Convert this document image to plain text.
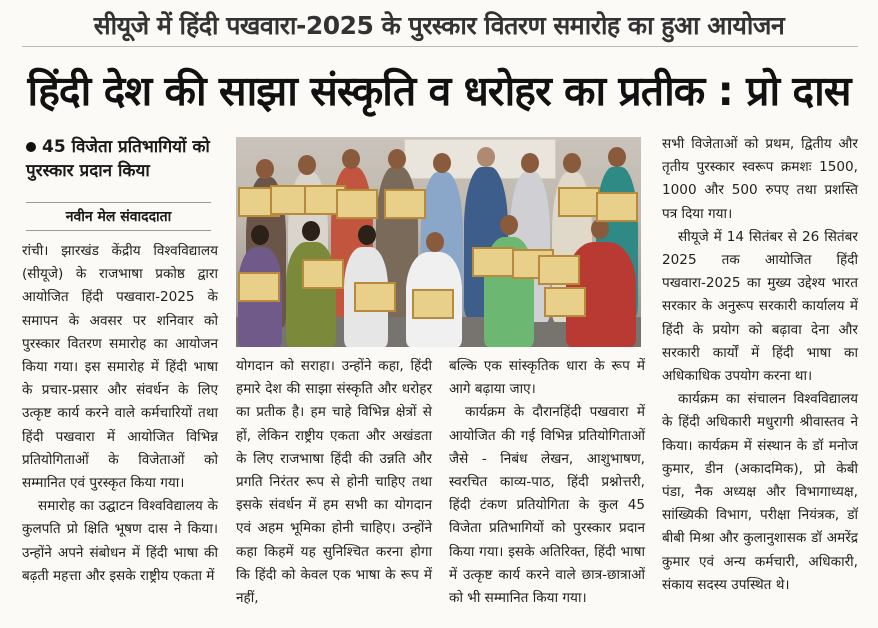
सीयूजे में हिंदी पखवारा-2025 के पुरस्कार वितरण समारोह का हुआ आयोजन
हिंदी देश की साझा संस्कृति व धरोहर का प्रतीक : प्रो दास
45 विजेता प्रतिभागियों को पुरस्कार प्रदान किया
नवीन मेल संवाददाता

रांची। झारखंड केंद्रीय विश्वविद्यालय (सीयूजे) के राजभाषा प्रकोष्ठ द्वारा आयोजित हिंदी पखवारा-2025 के समापन के अवसर पर शनिवार को पुरस्कार वितरण समारोह का आयोजन किया गया। इस समारोह में हिंदी भाषा के प्रचार-प्रसार और संवर्धन के लिए उत्कृष्ट कार्य करने वाले कर्मचारियों तथा हिंदी पखवारा में आयोजित विभिन्न प्रतियोगिताओं के विजेताओं को सम्मानित एवं पुरस्कृत किया गया।

समारोह का उद्घाटन विश्वविद्यालय के कुलपति प्रो क्षिति भूषण दास ने किया। उन्होंने अपने संबोधन में हिंदी भाषा की बढ़ती महत्ता और इसके राष्ट्रीय एकता में

योगदान को सराहा। उन्होंने कहा, हिंदी हमारे देश की साझा संस्कृति और धरोहर का प्रतीक है। हम चाहे विभिन्न क्षेत्रों से हों, लेकिन राष्ट्रीय एकता और अखंडता के लिए राजभाषा हिंदी की उन्नति और प्रगति निरंतर रूप से होनी चाहिए तथा इसके संवर्धन में हम सभी का योगदान एवं अहम भूमिका होनी चाहिए। उन्होंने कहा किहमें यह सुनिश्चित करना होगा कि हिंदी को केवल एक भाषा के रूप में नहीं,

बल्कि एक सांस्कृतिक धारा के रूप में आगे बढ़ाया जाए।

कार्यक्रम के दौरानहिंदी पखवारा में आयोजित की गई विभिन्न प्रतियोगिताओं जैसे - निबंध लेखन, आशुभाषण, स्वरचित काव्य-पाठ, हिंदी प्रश्नोत्तरी, हिंदी टंकण प्रतियोगिता के कुल 45 विजेता प्रतिभागियों को पुरस्कार प्रदान किया गया। इसके अतिरिक्त, हिंदी भाषा में उत्कृष्ट कार्य करने वाले छात्र-छात्राओं को भी सम्मानित किया गया।

सभी विजेताओं को प्रथम, द्वितीय और तृतीय पुरस्कार स्वरूप क्रमशः 1500, 1000 और 500 रुपए तथा प्रशस्ति पत्र दिया गया।

सीयूजे में 14 सितंबर से 26 सितंबर 2025 तक आयोजित हिंदी पखवारा-2025 का मुख्य उद्देश्य भारत सरकार के अनुरूप सरकारी कार्यालय में हिंदी के प्रयोग को बढ़ावा देना और सरकारी कार्यों में हिंदी भाषा का अधिकाधिक उपयोग करना था।

कार्यक्रम का संचालन विश्वविद्यालय के हिंदी अधिकारी मधुरागी श्रीवास्तव ने किया। कार्यक्रम में संस्थान के डॉ मनोज कुमार, डीन (अकादमिक), प्रो केबी पंडा, नैक अध्यक्ष और विभागाध्यक्ष, सांख्यिकी विभाग, परीक्षा नियंत्रक, डॉ बीबी मिश्रा और कुलानुशासक डॉ अमरेंद्र कुमार एवं अन्य कर्मचारी, अधिकारी, संकाय सदस्य उपस्थित थे।
